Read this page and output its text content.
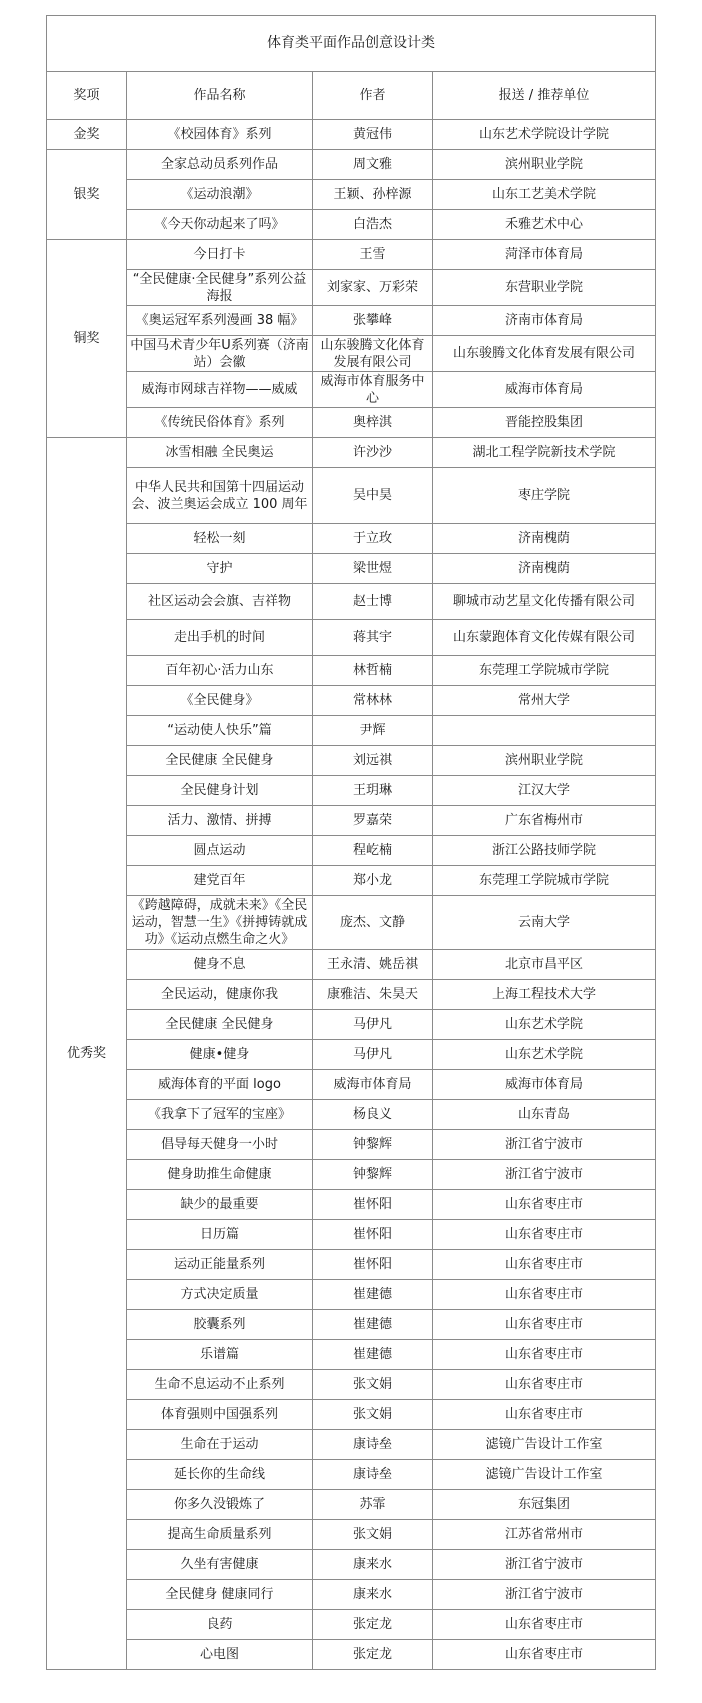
体育类平面作品创意设计类			
奖项	作品名称	作者	报送 / 推荐单位
金奖	《校园体育》系列	黄冠伟	山东艺术学院设计学院
银奖	全家总动员系列作品	周文雅	滨州职业学院
	《运动浪潮》	王颖、孙梓源	山东工艺美术学院
	《今天你动起来了吗》	白浩杰	禾雅艺术中心
铜奖	今日打卡	王雪	菏泽市体育局
	“全民健康·全民健身”系列公益海报	刘家家、万彩荣	东营职业学院
	《奥运冠军系列漫画 38 幅》	张攀峰	济南市体育局
	中国马术青少年U系列赛（济南站）会徽	山东骏腾文化体育发展有限公司	山东骏腾文化体育发展有限公司
	威海市网球吉祥物——威威	威海市体育服务中心	威海市体育局
	《传统民俗体育》系列	奥梓淇	晋能控股集团
优秀奖	冰雪相融 全民奥运	许沙沙	湖北工程学院新技术学院
	中华人民共和国第十四届运动会、波兰奥运会成立 100 周年	吴中昊	枣庄学院
	轻松一刻	于立玫	济南槐荫
	守护	梁世煜	济南槐荫
	社区运动会会旗、吉祥物	赵士博	聊城市动艺星文化传播有限公司
	走出手机的时间	蒋其宇	山东蒙跑体育文化传媒有限公司
	百年初心·活力山东	林哲楠	东莞理工学院城市学院
	《全民健身》	常林林	常州大学
	“运动使人快乐”篇	尹辉	
	全民健康 全民健身	刘远祺	滨州职业学院
	全民健身计划	王玥琳	江汉大学
	活力、激情、拼搏	罗嘉荣	广东省梅州市
	圆点运动	程屹楠	浙江公路技师学院
	建党百年	郑小龙	东莞理工学院城市学院
	《跨越障碍，成就未来》《全民运动，智慧一生》《拼搏铸就成功》《运动点燃生命之火》	庞杰、文静	云南大学
	健身不息	王永清、姚岳祺	北京市昌平区
	全民运动，健康你我	康雅洁、朱昊天	上海工程技术大学
	全民健康 全民健身	马伊凡	山东艺术学院
	健康•健身	马伊凡	山东艺术学院
	威海体育的平面 logo	威海市体育局	威海市体育局
	《我拿下了冠军的宝座》	杨良义	山东青岛
	倡导每天健身一小时	钟黎辉	浙江省宁波市
	健身助推生命健康	钟黎辉	浙江省宁波市
	缺少的最重要	崔怀阳	山东省枣庄市
	日历篇	崔怀阳	山东省枣庄市
	运动正能量系列	崔怀阳	山东省枣庄市
	方式决定质量	崔建德	山东省枣庄市
	胶囊系列	崔建德	山东省枣庄市
	乐谱篇	崔建德	山东省枣庄市
	生命不息运动不止系列	张文娟	山东省枣庄市
	体育强则中国强系列	张文娟	山东省枣庄市
	生命在于运动	康诗垒	滤镜广告设计工作室
	延长你的生命线	康诗垒	滤镜广告设计工作室
	你多久没锻炼了	苏霏	东冠集团
	提高生命质量系列	张文娟	江苏省常州市
	久坐有害健康	康来水	浙江省宁波市
	全民健身 健康同行	康来水	浙江省宁波市
	良药	张定龙	山东省枣庄市
	心电图	张定龙	山东省枣庄市
